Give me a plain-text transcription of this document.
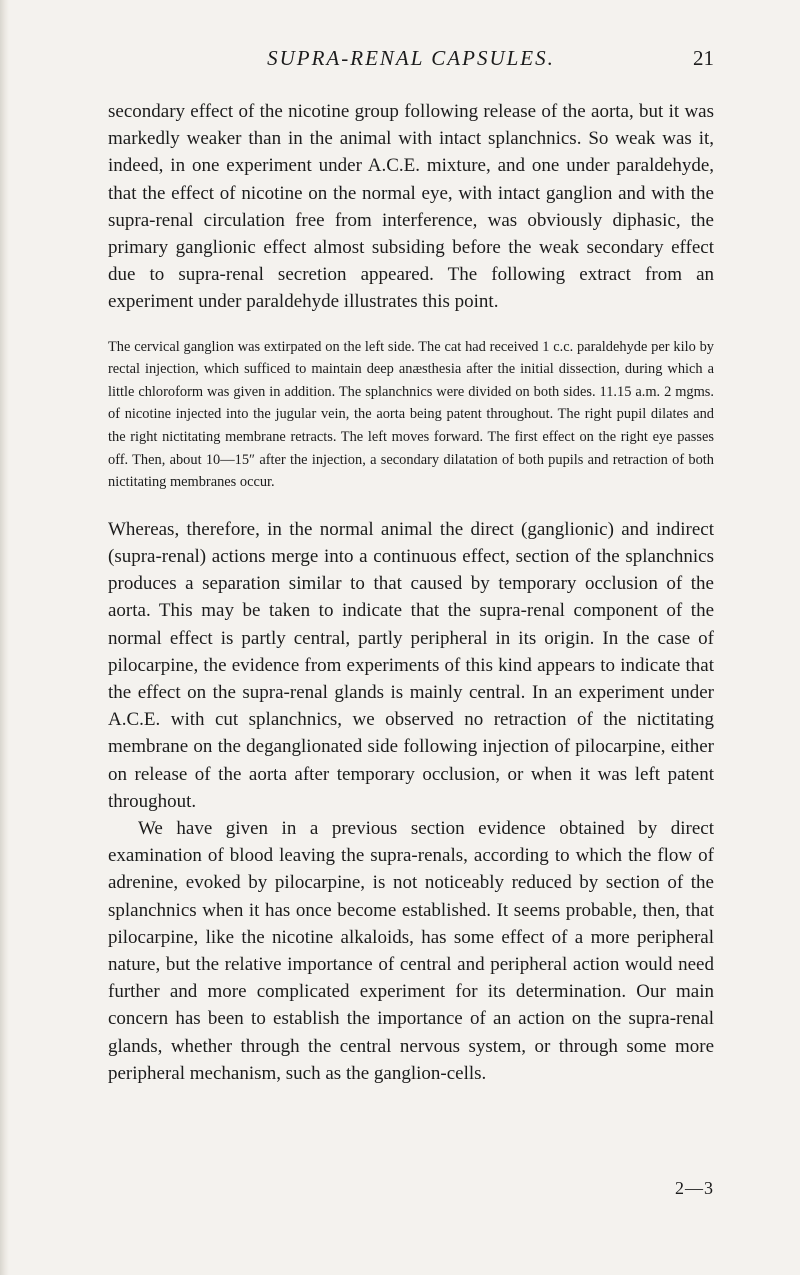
SUPRA-RENAL CAPSULES.	21

secondary effect of the nicotine group following release of the aorta, but it was markedly weaker than in the animal with intact splanchnics. So weak was it, indeed, in one experiment under A.C.E. mixture, and one under paraldehyde, that the effect of nicotine on the normal eye, with intact ganglion and with the supra-renal circulation free from interference, was obviously diphasic, the primary ganglionic effect almost subsiding before the weak secondary effect due to supra-renal secretion appeared. The following extract from an experiment under paraldehyde illustrates this point.

The cervical ganglion was extirpated on the left side. The cat had received 1 c.c. paraldehyde per kilo by rectal injection, which sufficed to maintain deep anæsthesia after the initial dissection, during which a little chloroform was given in addition. The splanchnics were divided on both sides. 11.15 a.m. 2 mgms. of nicotine injected into the jugular vein, the aorta being patent throughout. The right pupil dilates and the right nictitating membrane retracts. The left moves forward. The first effect on the right eye passes off. Then, about 10—15″ after the injection, a secondary dilatation of both pupils and retraction of both nictitating membranes occur.

Whereas, therefore, in the normal animal the direct (ganglionic) and indirect (supra-renal) actions merge into a continuous effect, section of the splanchnics produces a separation similar to that caused by temporary occlusion of the aorta. This may be taken to indicate that the supra-renal component of the normal effect is partly central, partly peripheral in its origin. In the case of pilocarpine, the evidence from experiments of this kind appears to indicate that the effect on the supra-renal glands is mainly central. In an experiment under A.C.E. with cut splanchnics, we observed no retraction of the nictitating membrane on the deganglionated side following injection of pilocarpine, either on release of the aorta after temporary occlusion, or when it was left patent throughout.

We have given in a previous section evidence obtained by direct examination of blood leaving the supra-renals, according to which the flow of adrenine, evoked by pilocarpine, is not noticeably reduced by section of the splanchnics when it has once become established. It seems probable, then, that pilocarpine, like the nicotine alkaloids, has some effect of a more peripheral nature, but the relative importance of central and peripheral action would need further and more complicated experiment for its determination. Our main concern has been to establish the importance of an action on the supra-renal glands, whether through the central nervous system, or through some more peripheral mechanism, such as the ganglion-cells.

2—3
